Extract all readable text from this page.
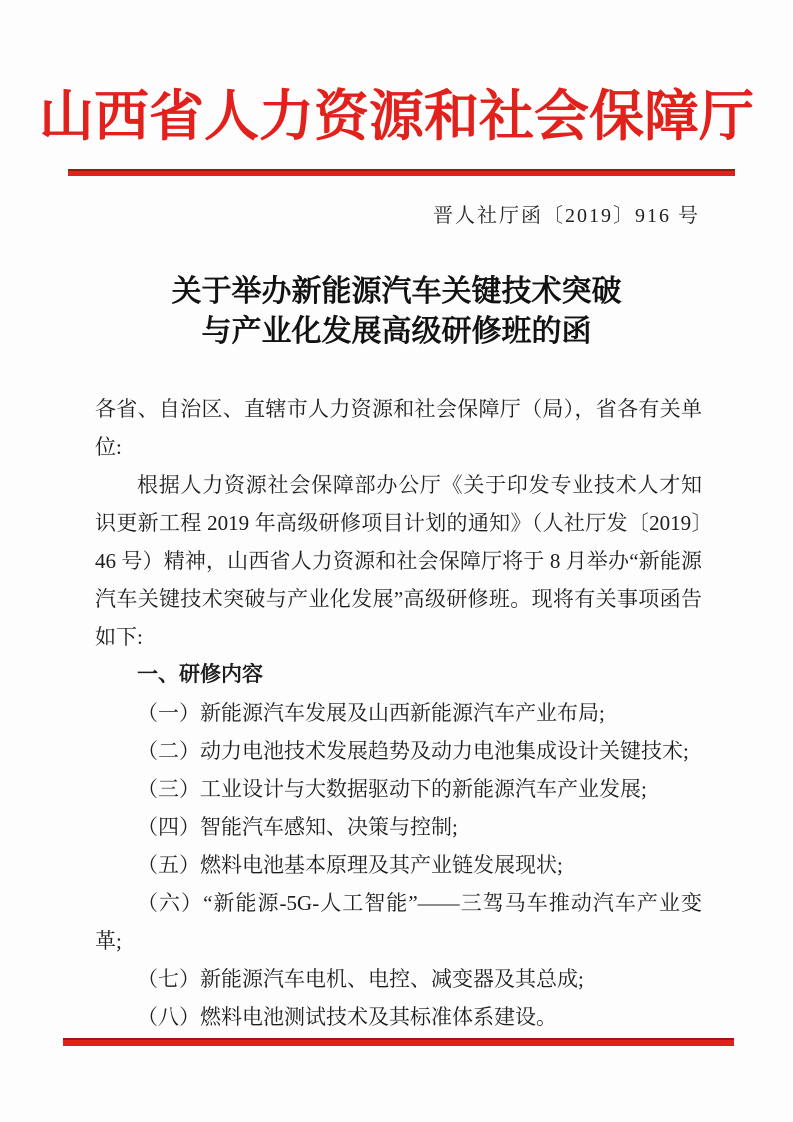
山西省人力资源和社会保障厅
晋人社厅函〔2019〕916 号
关于举办新能源汽车关键技术突破
与产业化发展高级研修班的函

各省、自治区、直辖市人力资源和社会保障厅（局），省各有关单位:

根据人力资源社会保障部办公厅《关于印发专业技术人才知识更新工程 2019 年高级研修项目计划的通知》（人社厅发〔2019〕46 号）精神，山西省人力资源和社会保障厅将于 8 月举办“新能源汽车关键技术突破与产业化发展”高级研修班。现将有关事项函告如下:

一、研修内容

（一）新能源汽车发展及山西新能源汽车产业布局;

（二）动力电池技术发展趋势及动力电池集成设计关键技术;

（三）工业设计与大数据驱动下的新能源汽车产业发展;

（四）智能汽车感知、决策与控制;

（五）燃料电池基本原理及其产业链发展现状;

（六）“新能源-5G-人工智能”——三驾马车推动汽车产业变革;

（七）新能源汽车电机、电控、减变器及其总成;

（八）燃料电池测试技术及其标准体系建设。
